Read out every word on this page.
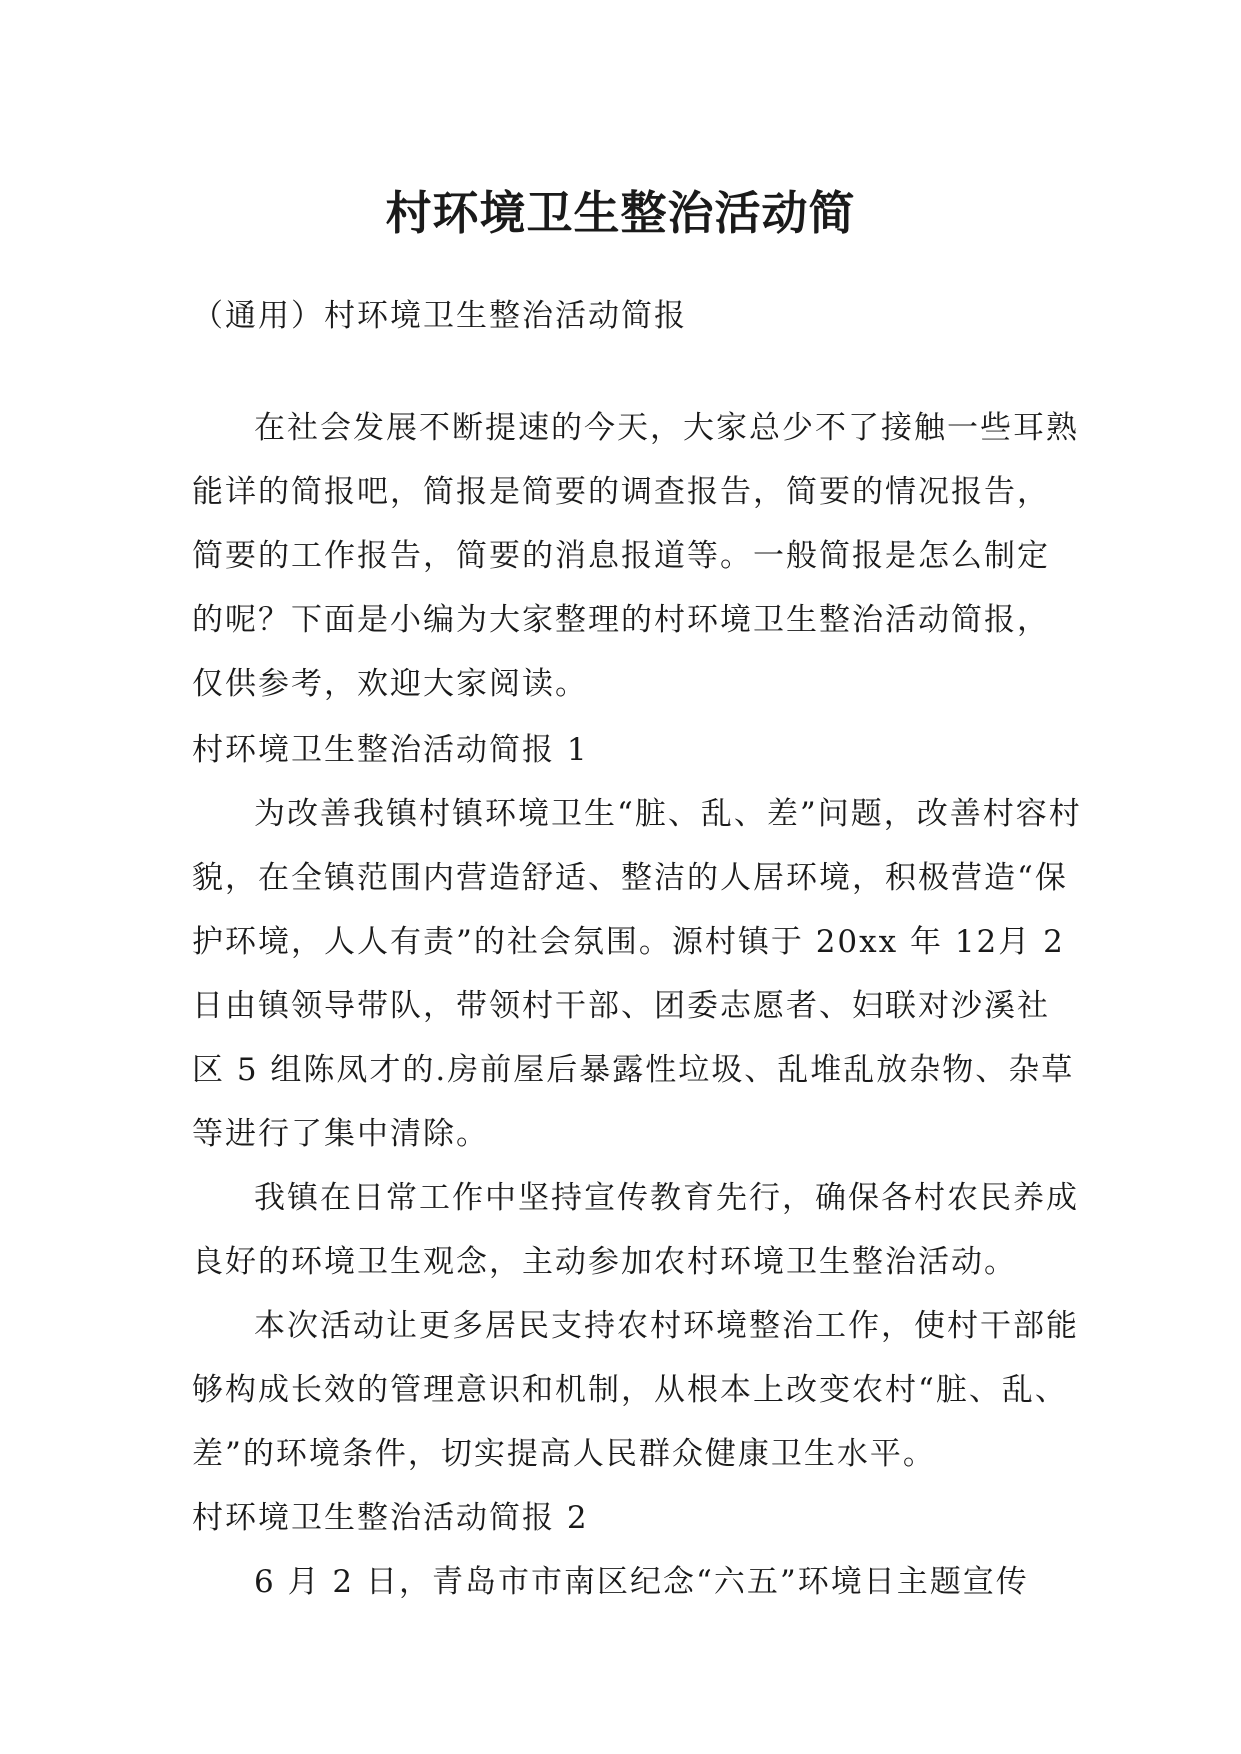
村环境卫生整治活动简
（通用）村环境卫生整治活动简报

在社会发展不断提速的今天，大家总少不了接触一些耳熟能详的简报吧，简报是简要的调查报告，简要的情况报告，简要的工作报告，简要的消息报道等。一般简报是怎么制定的呢？下面是小编为大家整理的村环境卫生整治活动简报，仅供参考，欢迎大家阅读。

村环境卫生整治活动简报 1

为改善我镇村镇环境卫生“脏、乱、差”问题，改善村容村貌，在全镇范围内营造舒适、整洁的人居环境，积极营造“保护环境，人人有责”的社会氛围。源村镇于 20xx 年 12月 2 日由镇领导带队，带领村干部、团委志愿者、妇联对沙溪社区 5 组陈凤才的.房前屋后暴露性垃圾、乱堆乱放杂物、杂草等进行了集中清除。

我镇在日常工作中坚持宣传教育先行，确保各村农民养成良好的环境卫生观念，主动参加农村环境卫生整治活动。

本次活动让更多居民支持农村环境整治工作，使村干部能够构成长效的管理意识和机制，从根本上改变农村“脏、乱、差”的环境条件，切实提高人民群众健康卫生水平。

村环境卫生整治活动简报 2

6 月 2 日，青岛市市南区纪念“六五”环境日主题宣传
